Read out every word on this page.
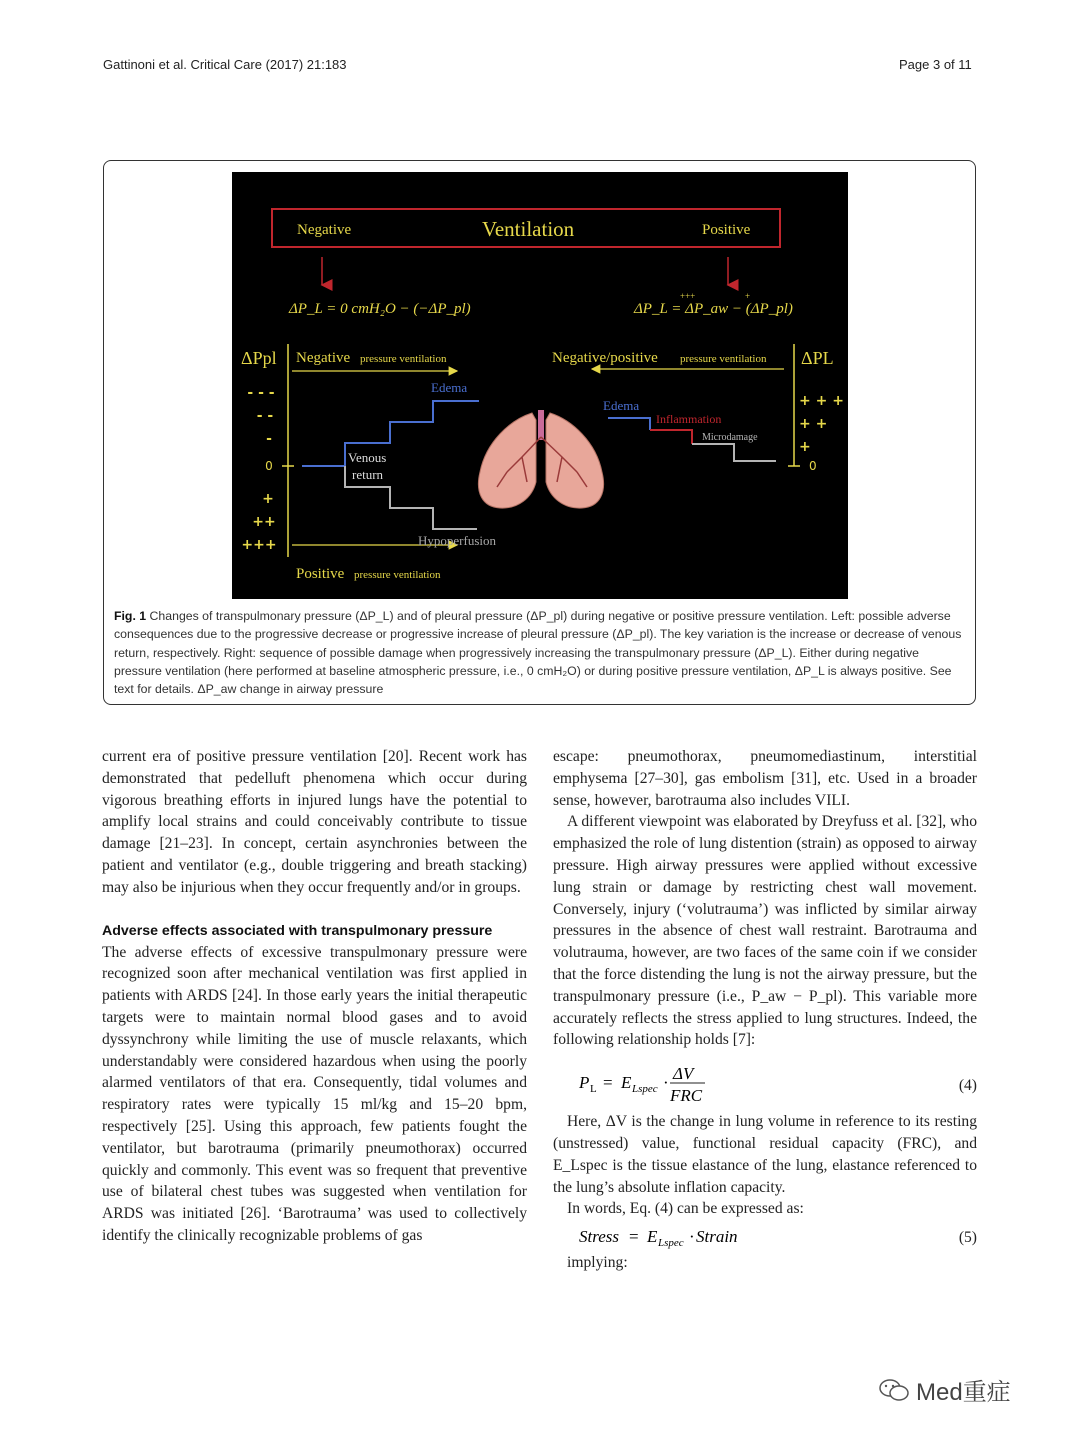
Gattinoni et al. Critical Care (2017) 21:183	Page 3 of 11
Negative	Ventilation	Positive
ΔP_L = 0 cmH₂O − (−ΔP_pl)
+++	+
ΔP_L = ΔP_aw − (ΔP_pl)
ΔPpl
- - -
- -
-
0
+
++
+++
Negative pressure ventilation
Positive pressure ventilation
Edema
Venous
return
Hypoperfusion
Negative/positive pressure ventilation ΔPL
+ + +
+ +
+
0
Edema
Inflammation
Microdamage
Fig. 1 Changes of transpulmonary pressure (ΔP_L) and of pleural pressure (ΔP_pl) during negative or positive pressure ventilation. Left: possible adverse consequences due to the progressive decrease or progressive increase of pleural pressure (ΔP_pl). The key variation is the increase or decrease of venous return, respectively. Right: sequence of possible damage when progressively increasing the transpulmonary pressure (ΔP_L). Either during negative pressure ventilation (here performed at baseline atmospheric pressure, i.e., 0 cmH₂O) or during positive pressure ventilation, ΔP_L is always positive. See text for details. ΔP_aw change in airway pressure

current era of positive pressure ventilation [20]. Recent work has demonstrated that pedelluft phenomena which occur during vigorous breathing efforts in injured lungs have the potential to amplify local strains and could conceivably contribute to tissue damage [21–23]. In concept, certain asynchronies between the patient and ventilator (e.g., double triggering and breath stacking) may also be injurious when they occur frequently and/or in groups.

Adverse effects associated with transpulmonary pressure

The adverse effects of excessive transpulmonary pressure were recognized soon after mechanical ventilation was first applied in patients with ARDS [24]. In those early years the initial therapeutic targets were to maintain normal blood gases and to avoid dyssynchrony while limiting the use of muscle relaxants, which understandably were considered hazardous when using the poorly alarmed ventilators of that era. Consequently, tidal volumes and respiratory rates were typically 15 ml/kg and 15–20 bpm, respectively [25]. Using this approach, few patients fought the ventilator, but barotrauma (primarily pneumothorax) occurred quickly and commonly. This event was so frequent that preventive use of bilateral chest tubes was suggested when ventilation for ARDS was initiated [26]. ‘Barotrauma’ was used to collectively identify the clinically recognizable problems of gas

escape: pneumothorax, pneumomediastinum, interstitial emphysema [27–30], gas embolism [31], etc. Used in a broader sense, however, barotrauma also includes VILI.

A different viewpoint was elaborated by Dreyfuss et al. [32], who emphasized the role of lung distention (strain) as opposed to airway pressure. High airway pressures were applied without excessive lung strain or damage by restricting chest wall movement. Conversely, injury (‘volutrauma’) was inflicted by similar airway pressures in the absence of chest wall restraint. Barotrauma and volutrauma, however, are two faces of the same coin if we consider that the force distending the lung is not the airway pressure, but the transpulmonary pressure (i.e., P_aw − P_pl). This variable more accurately reflects the stress applied to lung structures. Indeed, the following relationship holds [7]:

P L = E Lspec · ΔV
FRC
(4)

Here, ΔV is the change in lung volume in reference to its resting (unstressed) value, functional residual capacity (FRC), and E_Lspec is the tissue elastance of the lung, elastance referenced to the lung’s absolute inflation capacity.

In words, Eq. (4) can be expressed as:

Stress = E Lspec · Strain	(5)

implying:

Med重症
